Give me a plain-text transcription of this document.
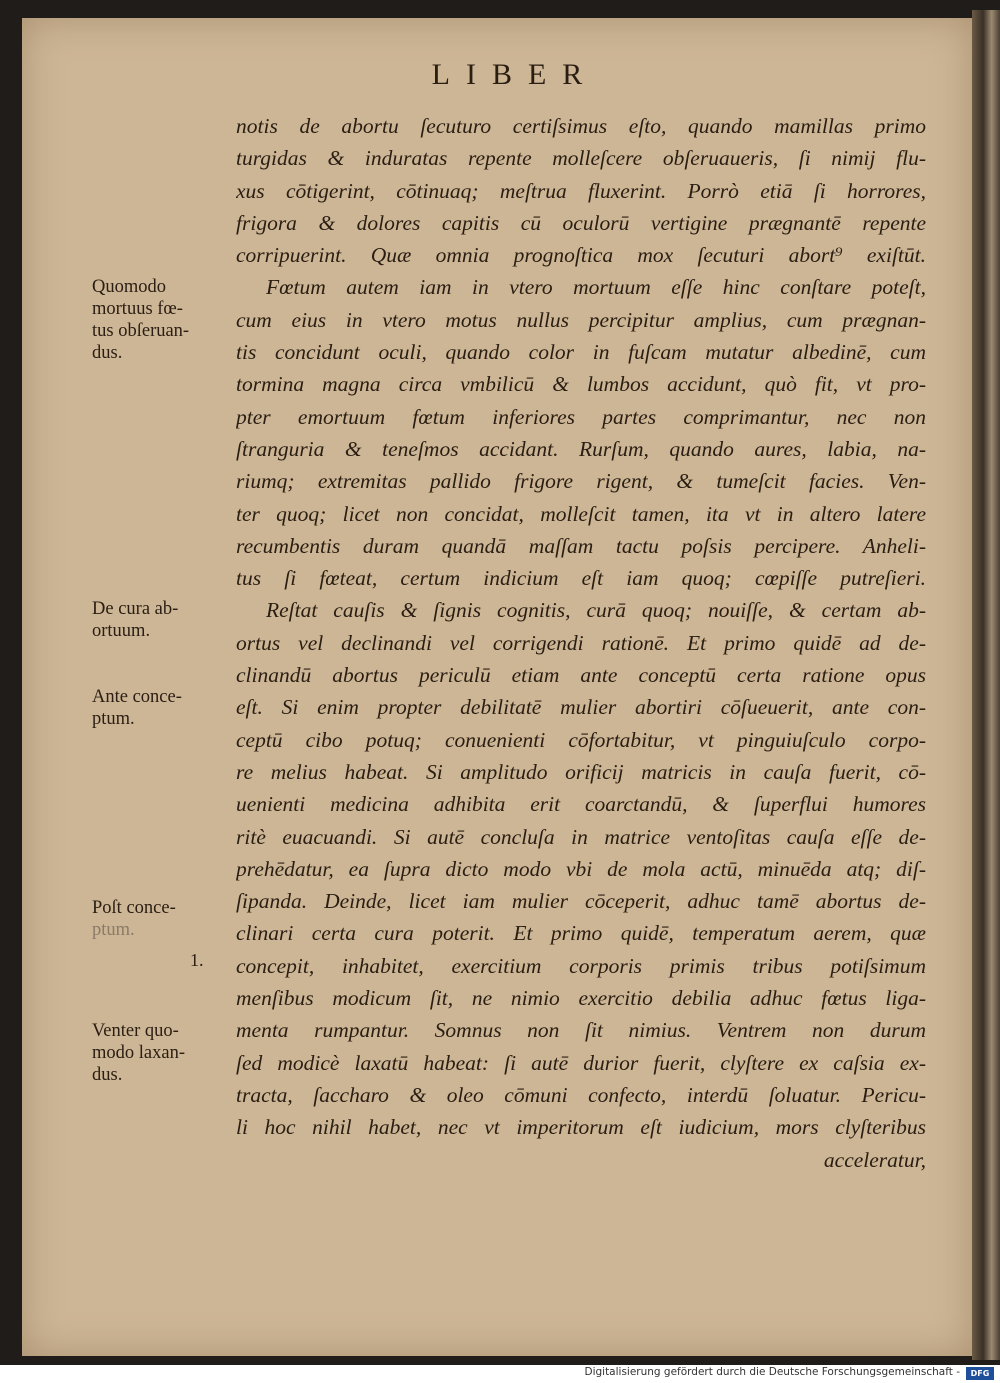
LIBER
Quomodo
mortuus fœ-
tus obſeruan-
dus.
De cura ab-
ortuum.
Ante conce-
ptum.
Poſt conce-
ptum.
1.
Venter quo-
modo laxan-
dus.
notis de abortu ſecuturo certiſsimus eſto, quando mamillas primo
turgidas & induratas repente molleſcere obſeruaueris, ſi nimij flu-
xus cōtigerint, cōtinuaq; meſtrua fluxerint. Porrò etiā ſi horrores,
frigora & dolores capitis cū oculorū vertigine prægnantē repente
corripuerint. Quæ omnia prognoſtica mox ſecuturi abort⁹ exiſtūt.
Fœtum autem iam in vtero mortuum eſſe hinc conſtare poteſt,
cum eius in vtero motus nullus percipitur amplius, cum prægnan-
tis concidunt oculi, quando color in fuſcam mutatur albedinē, cum
tormina magna circa vmbilicū & lumbos accidunt, quò fit, vt pro-
pter emortuum fœtum inferiores partes comprimantur, nec non
ſtranguria & teneſmos accidant. Rurſum, quando aures, labia, na-
riumq; extremitas pallido frigore rigent, & tumeſcit facies. Ven-
ter quoq; licet non concidat, molleſcit tamen, ita vt in altero latere
recumbentis duram quandā maſſam tactu poſsis percipere. Anheli-
tus ſi fœteat, certum indicium eſt iam quoq; cœpiſſe putreſieri.
Reſtat cauſis & ſignis cognitis, curā quoq; nouiſſe, & certam ab-
ortus vel declinandi vel corrigendi rationē. Et primo quidē ad de-
clinandū abortus periculū etiam ante conceptū certa ratione opus
eſt. Si enim propter debilitatē mulier abortiri cōſueuerit, ante con-
ceptū cibo potuq; conuenienti cōfortabitur, vt pinguiuſculo corpo-
re melius habeat. Si amplitudo orificij matricis in cauſa fuerit, cō-
uenienti medicina adhibita erit coarctandū, & ſuperflui humores
ritè euacuandi. Si autē concluſa in matrice ventoſitas cauſa eſſe de-
prehēdatur, ea ſupra dicto modo vbi de mola actū, minuēda atq; diſ-
ſipanda. Deinde, licet iam mulier cōceperit, adhuc tamē abortus de-
clinari certa cura poterit. Et primo quidē, temperatum aerem, quæ
concepit, inhabitet, exercitium corporis primis tribus potiſsimum
menſibus modicum ſit, ne nimio exercitio debilia adhuc fœtus liga-
menta rumpantur. Somnus non ſit nimius. Ventrem non durum
ſed modicè laxatū habeat: ſi autē durior fuerit, clyſtere ex caſsia ex-
tracta, ſaccharo & oleo cōmuni confecto, interdū ſoluatur. Pericu-
li hoc nihil habet, nec vt imperitorum eſt iudicium, mors clyſteribus
acceleratur,
Digitalisierung gefördert durch die Deutsche Forschungsgemeinschaft -	DFG
